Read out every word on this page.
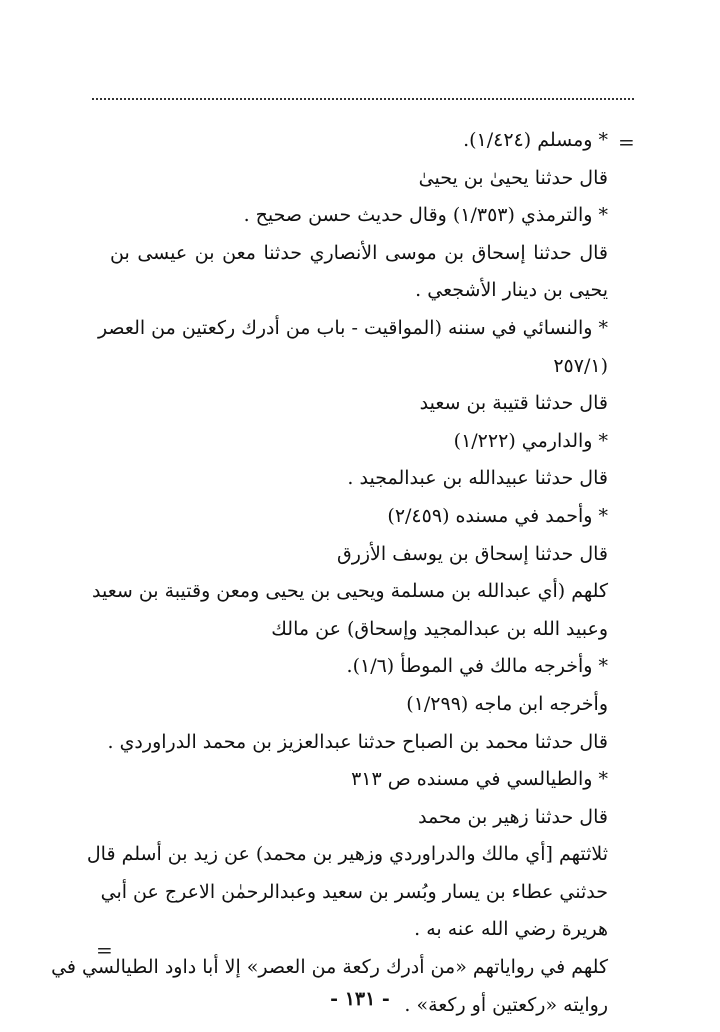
=
* ومسلم (١/٤٢٤).
قال حدثنا يحيىٰ بن يحيىٰ
* والترمذي (١/٣٥٣) وقال حديث حسن صحيح .
قال حدثنا إسحاق بن موسى الأنصاري حدثنا معن بن عيسى بن
يحيى بن دينار الأشجعي .
* والنسائي في سننه (المواقيت - باب من أدرك ركعتين من العصر
(٢٥٧/١
قال حدثنا قتيبة بن سعيد
* والدارمي (١/٢٢٢)
قال حدثنا عبيدالله بن عبدالمجيد .
* وأحمد في مسنده (٢/٤٥٩)
قال حدثنا إسحاق بن يوسف الأزرق
كلهم (أي عبدالله بن مسلمة ويحيى بن يحيى ومعن وقتيبة بن سعيد
وعبيد الله بن عبدالمجيد وإسحاق) عن مالك
* وأخرجه مالك في الموطأ (١/٦).
وأخرجه ابن ماجه (١/٢٩٩)
قال حدثنا محمد بن الصباح حدثنا عبدالعزيز بن محمد الدراوردي .
* والطيالسي في مسنده ص ٣١٣
قال حدثنا زهير بن محمد
ثلاثتهم [أي مالك والدراوردي وزهير بن محمد) عن زيد بن أسلم قال
حدثني عطاء بن يسار وبُسر بن سعيد وعبدالرحمٰن الاعرج عن أبي
هريرة رضي الله عنه به .
كلهم في رواياتهم «من أدرك ركعة من العصر» إلا أبا داود الطيالسي في
روايته «ركعتين أو ركعة» .
=
- ١٣١ -
